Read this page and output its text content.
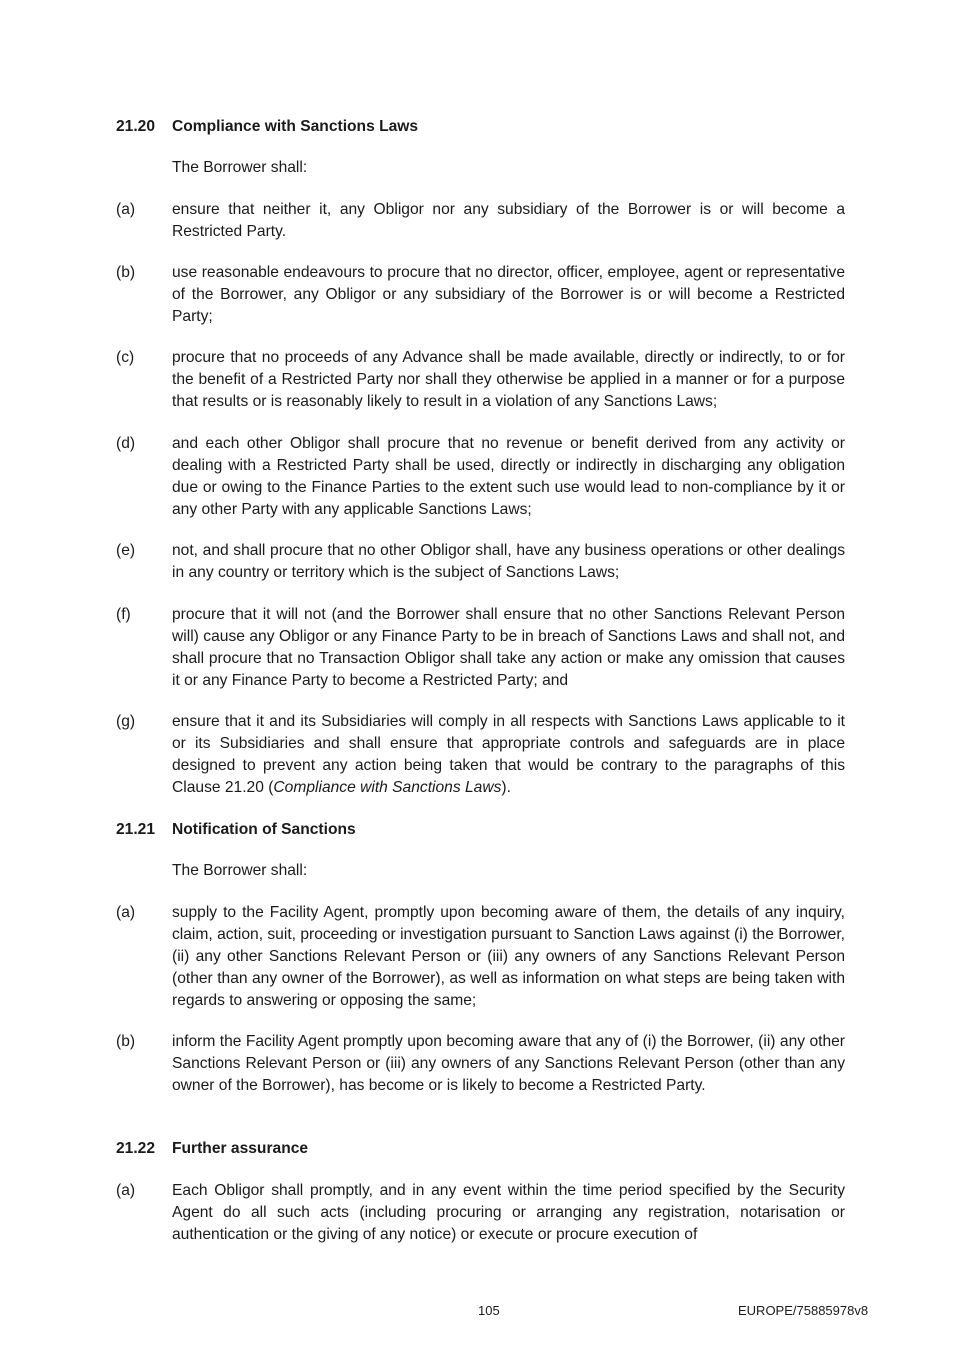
21.20 Compliance with Sanctions Laws
The Borrower shall:
(a) ensure that neither it, any Obligor nor any subsidiary of the Borrower is or will become a Restricted Party.
(b) use reasonable endeavours to procure that no director, officer, employee, agent or representative of the Borrower, any Obligor or any subsidiary of the Borrower is or will become a Restricted Party;
(c) procure that no proceeds of any Advance shall be made available, directly or indirectly, to or for the benefit of a Restricted Party nor shall they otherwise be applied in a manner or for a purpose that results or is reasonably likely to result in a violation of any Sanctions Laws;
(d) and each other Obligor shall procure that no revenue or benefit derived from any activity or dealing with a Restricted Party shall be used, directly or indirectly in discharging any obligation due or owing to the Finance Parties to the extent such use would lead to non-compliance by it or any other Party with any applicable Sanctions Laws;
(e) not, and shall procure that no other Obligor shall, have any business operations or other dealings in any country or territory which is the subject of Sanctions Laws;
(f)	procure that it will not (and the Borrower shall ensure that no other Sanctions Relevant Person will) cause any Obligor or any Finance Party to be in breach of Sanctions Laws and shall not, and shall procure that no Transaction Obligor shall take any action or make any omission that causes it or any Finance Party to become a Restricted Party; and
(g) ensure that it and its Subsidiaries will comply in all respects with Sanctions Laws applicable to it or its Subsidiaries and shall ensure that appropriate controls and safeguards are in place designed to prevent any action being taken that would be contrary to the paragraphs of this Clause 21.20 (Compliance with Sanctions Laws).
21.21 Notification of Sanctions
The Borrower shall:
(a) supply to the Facility Agent, promptly upon becoming aware of them, the details of any inquiry, claim, action, suit, proceeding or investigation pursuant to Sanction Laws against (i) the Borrower, (ii) any other Sanctions Relevant Person or (iii) any owners of any Sanctions Relevant Person (other than any owner of the Borrower), as well as information on what steps are being taken with regards to answering or opposing the same;
(b) inform the Facility Agent promptly upon becoming aware that any of (i) the Borrower, (ii) any other Sanctions Relevant Person or (iii) any owners of any Sanctions Relevant Person (other than any owner of the Borrower), has become or is likely to become a Restricted Party.
21.22 Further assurance
(a) Each Obligor shall promptly, and in any event within the time period specified by the Security Agent do all such acts (including procuring or arranging any registration, notarisation or authentication or the giving of any notice) or execute or procure execution of
105	EUROPE/75885978v8
